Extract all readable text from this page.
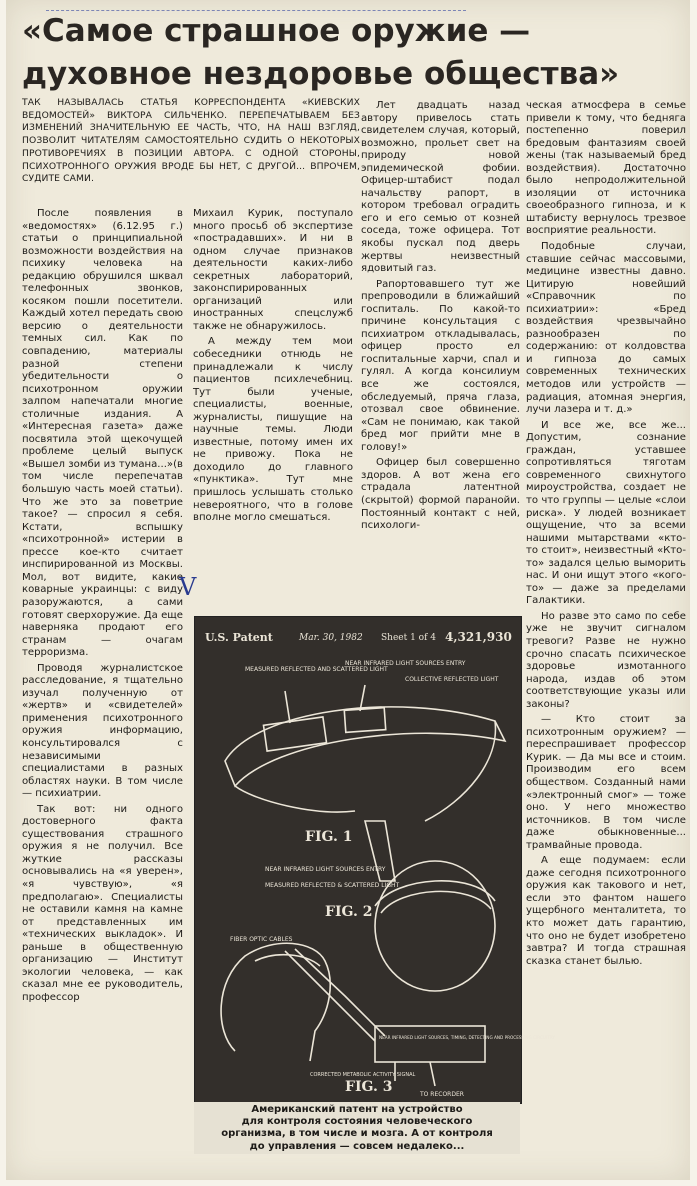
«Самое страшное оружие —
духовное нездоровье общества»
ТАК НАЗЫВАЛАСЬ СТАТЬЯ КОРРЕСПОНДЕНТА «КИЕВСКИХ ВЕДОМОСТЕЙ» ВИКТОРА СИЛЬЧЕНКО. ПЕРЕПЕЧАТЫВАЕМ БЕЗ ИЗМЕНЕНИЙ ЗНАЧИТЕЛЬНУЮ ЕЕ ЧАСТЬ, ЧТО, НА НАШ ВЗГЛЯД, ПОЗВОЛИТ ЧИТАТЕЛЯМ САМОСТОЯТЕЛЬНО СУДИТЬ О НЕКОТОРЫХ ПРОТИВОРЕЧИЯХ В ПОЗИЦИИ АВТОРА. С ОДНОЙ СТОРОНЫ, ПСИХОТРОННОГО ОРУЖИЯ ВРОДЕ БЫ НЕТ, С ДРУГОЙ... ВПРОЧЕМ, СУДИТЕ САМИ.

После появления в «ведомостях» (6.12.95 г.) статьи о принципиальной возможности воздействия на психику человека на редакцию обрушился шквал телефонных звонков, косяком пошли посетители. Каждый хотел передать свою версию о деятельности темных сил. Как по совпадению, материалы разной степени убедительности о психотронном оружии залпом напечатали многие столичные издания. А «Интересная газета» даже посвятила этой щекочущей проблеме целый выпуск «Вышел зомби из тумана...»(в том числе перепечатав большую часть моей статьи). Что же это за поветрие такое? — спросил я себя. Кстати, вспышку «психотронной» истерии в прессе кое-кто считает инспирированной из Москвы. Мол, вот видите, какие коварные украинцы: с виду разоружаются, а сами готовят сверхоружие. Да еще наверняка продают его странам — очагам терроризма.

Проводя журналистское расследование, я тщательно изучал полученную от «жертв» и «свидетелей» применения психотронного оружия информацию, консультировался с независимыми специалистами в разных областях науки. В том числе — психиатрии.

Так вот: ни одного достоверного факта существования страшного оружия я не получил. Все жуткие рассказы основывались на «я уверен», «я чувствую», «я предполагаю». Специалисты не оставили камня на камне от представленных им «технических выкладок». И раньше в общественную организацию — Институт экологии человека, — как сказал мне ее руководитель, профессор

Михаил Курик, поступало много просьб об экспертизе «пострадавших». И ни в одном случае признаков деятельности каких-либо секретных лабораторий, законспирированных организаций или иностранных спецслужб также не обнаружилось.

А между тем мои собеседники отнюдь не принадлежали к числу пациентов психлечебниц. Тут были ученые, специалисты, военные, журналисты, пишущие на научные темы. Люди известные, потому имен их не привожу. Пока не доходило до главного «пунктика». Тут мне пришлось услышать столько невероятного, что в голове вполне могло смешаться.

V

Лет двадцать назад автору привелось стать свидетелем случая, который, возможно, прольет свет на природу новой эпидемической фобии. Офицер-штабист подал начальству рапорт, в котором требовал оградить его и его семью от козней соседа, тоже офицера. Тот якобы пускал под дверь жертвы неизвестный ядовитый газ.

Рапортовавшего тут же препроводили в ближайший госпиталь. По какой-то причине консультация с психиатром откладывалась, офицер просто ел госпитальные харчи, спал и гулял. А когда консилиум все же состоялся, обследуемый, пряча глаза, отозвал свое обвинение. «Сам не понимаю, как такой бред мог прийти мне в голову!»

Офицер был совершенно здоров. А вот жена его страдала латентной (скрытой) формой паранойи. Постоянный контакт с ней, психологи-

ческая атмосфера в семье привели к тому, что бедняга постепенно поверил бредовым фантазиям своей жены (так называемый бред воздействия). Достаточно было непродолжительной изоляции от источника своеобразного гипноза, и к штабисту вернулось трезвое восприятие реальности.

Подобные случаи, ставшие сейчас массовыми, медицине известны давно. Цитирую новейший «Справочник по психиатрии»: «Бред воздействия чрезвычайно разнообразен по содержанию: от колдовства и гипноза до самых современных технических методов или устройств — радиация, атомная энергия, лучи лазера и т. д.»

И все же, все же... Допустим, сознание граждан, уставшее сопротивляться тяготам современного свихнутого мироустройства, создает не то что группы — целые «слои риска». У людей возникает ощущение, что за всеми нашими мытарствами «кто-то стоит», неизвестный «Кто-то» задался целью выморить нас. И они ищут этого «кого-то» — даже за пределами Галактики.

Но разве это само по себе уже не звучит сигналом тревоги? Разве не нужно срочно спасать психическое здоровье измотанного народа, издав об этом соответствующие указы или законы?

— Кто стоит за психотронным оружием? — переспрашивает профессор Курик. — Да мы все и стоим. Производим его всем обществом. Созданный нами «электронный смог» — тоже оно. У него множество источников. В том числе даже обыкновенные... трамвайные провода.

А еще подумаем: если даже сегодня психотронного оружия как такового и нет, если это фантом нашего ущербного менталитета, то кто может дать гарантию, что оно не будет изобретено завтра? И тогда страшная сказка станет былью.

U.S. Patent	Mar. 30, 1982 Sheet 1 of 4 4,321,930
FIG. 1
FIG. 2
FIG. 3
MEASURED REFLECTED AND SCATTERED LIGHT
NEAR INFRARED LIGHT SOURCES ENTRY
COLLECTIVE REFLECTED LIGHT
NEAR INFRARED LIGHT SOURCES ENTRY
MEASURED REFLECTED & SCATTERED LIGHT
FIBER OPTIC CABLES
NEAR INFRARED LIGHT SOURCES, TIMING, DETECTING AND PROCESSING CIRCUITRY
CORRECTED METABOLIC ACTIVITY SIGNAL
TO RECORDER
Американский патент на устройство
для контроля состояния человеческого
организма, в том числе и мозга. А от контроля
до управления — совсем недалеко...
